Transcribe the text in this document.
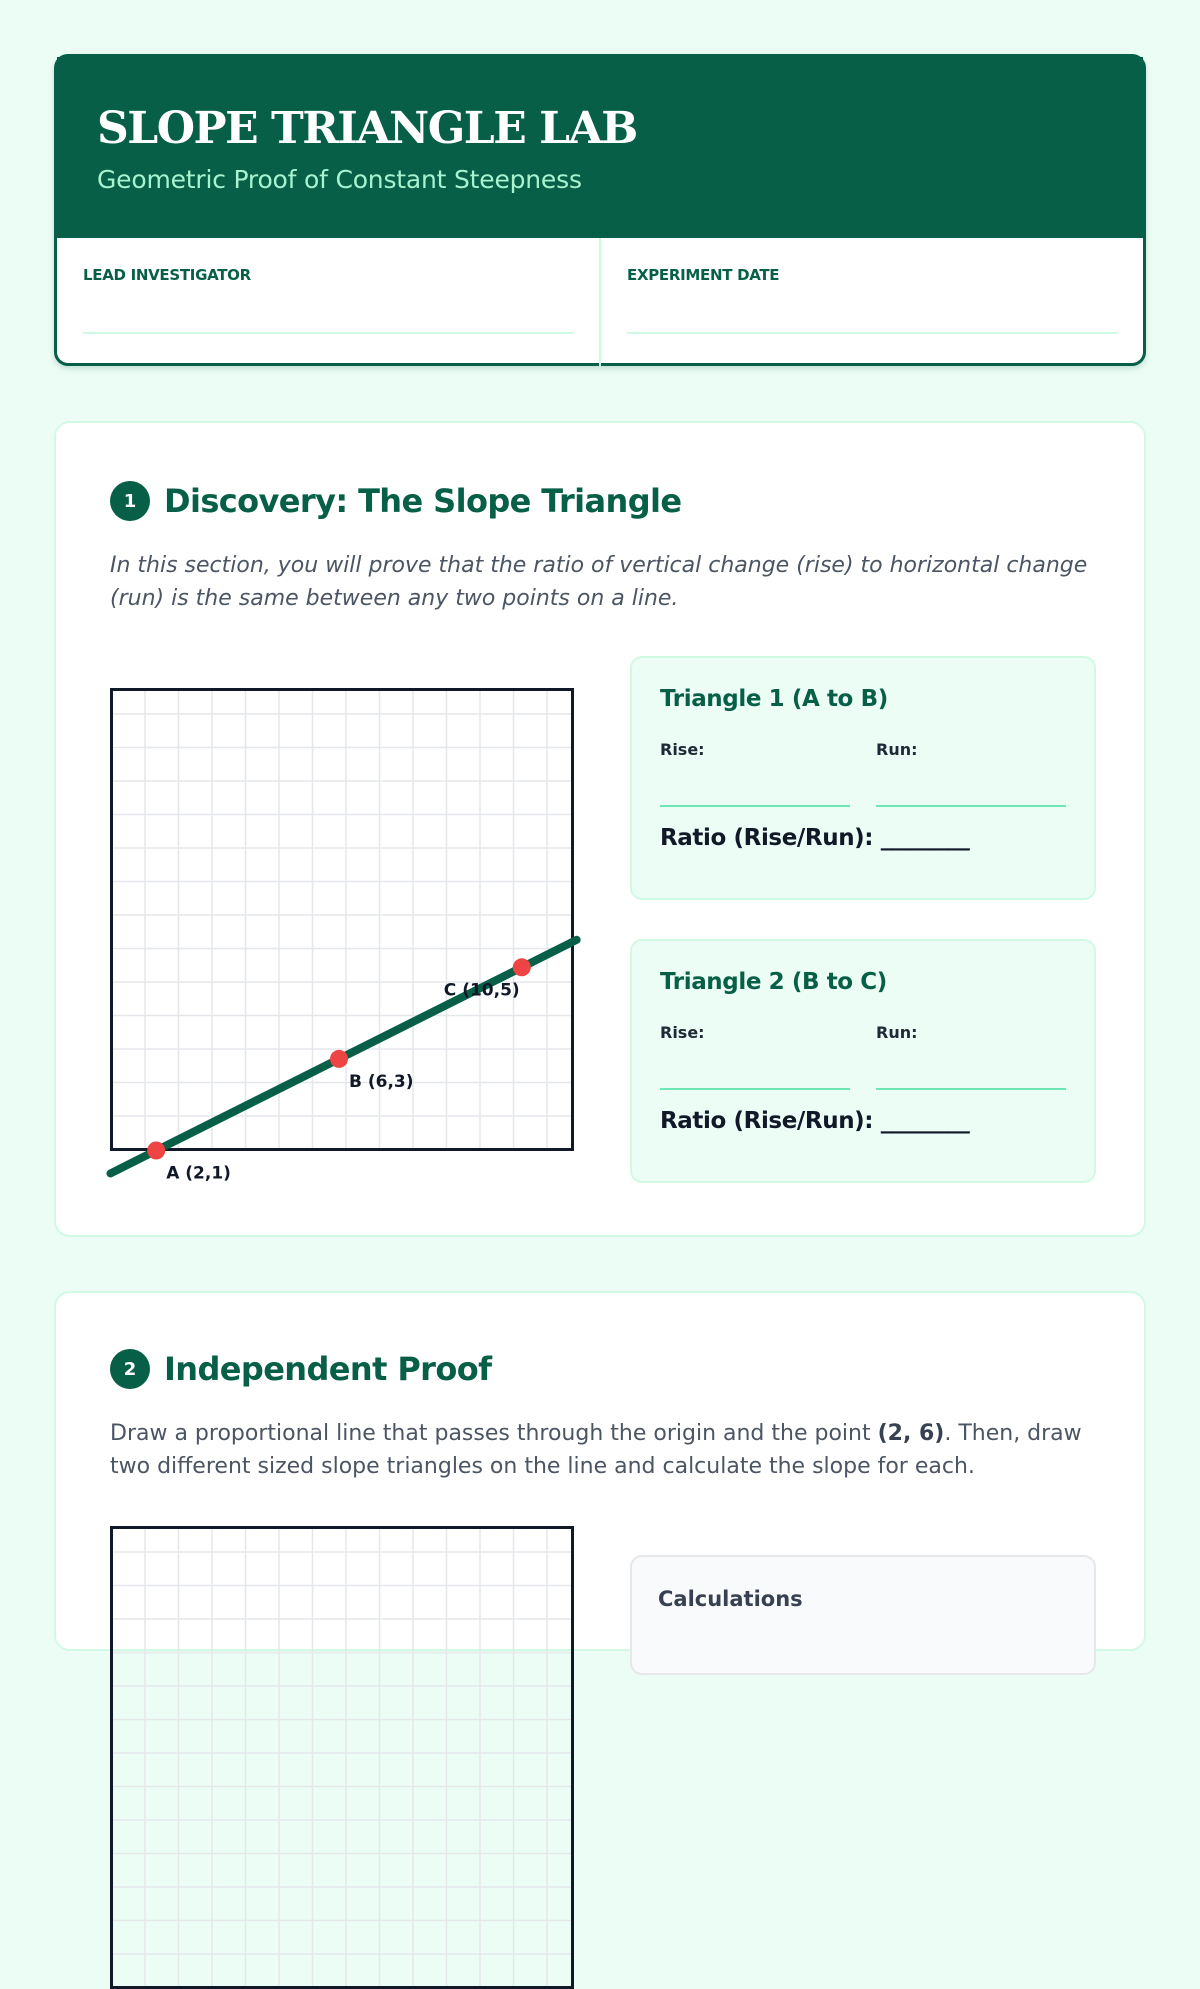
SLOPE TRIANGLE LAB
Geometric Proof of Constant Steepness
LEAD INVESTIGATOR	EXPERIMENT DATE
1 Discovery: The Slope Triangle
In this section, you will prove that the ratio of vertical change (rise) to horizontal change (run) is the same between any two points on a line.
A (2,1)
B (6,3)
C (10,5)
Triangle 1 (A to B)
Rise:	Run:
Ratio (Rise/Run): ________
Triangle 2 (B to C)
Rise:	Run:
Ratio (Rise/Run): ________
2 Independent Proof
Draw a proportional line that passes through the origin and the point (2, 6). Then, draw two different sized slope triangles on the line and calculate the slope for each.
Calculations
